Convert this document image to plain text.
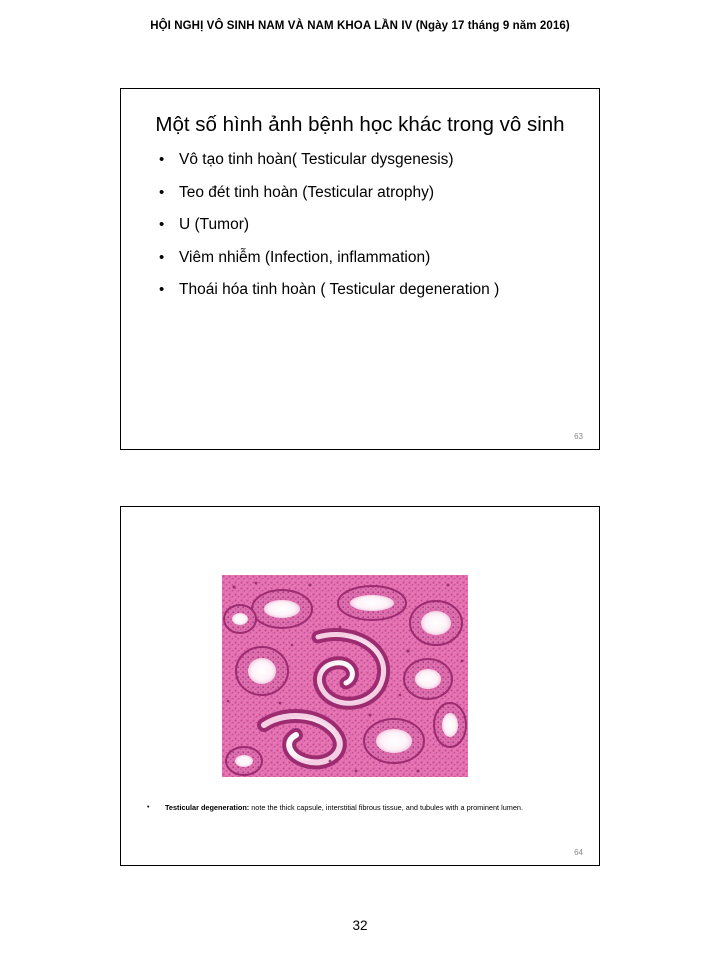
HỘI NGHỊ VÔ SINH NAM VÀ NAM KHOA LẦN IV (Ngày 17 tháng 9 năm 2016)
Một số hình ảnh bệnh học khác trong vô sinh
• Vô tạo tinh hoàn( Testicular dysgenesis)
• Teo đét tinh hoàn (Testicular atrophy)
• U (Tumor)
• Viêm nhiễm (Infection, inflammation)
• Thoái hóa tinh hoàn ( Testicular degeneration )
63
• Testicular degeneration: note the thick capsule, interstitial fibrous tissue, and tubules with a prominent lumen.
64
32
